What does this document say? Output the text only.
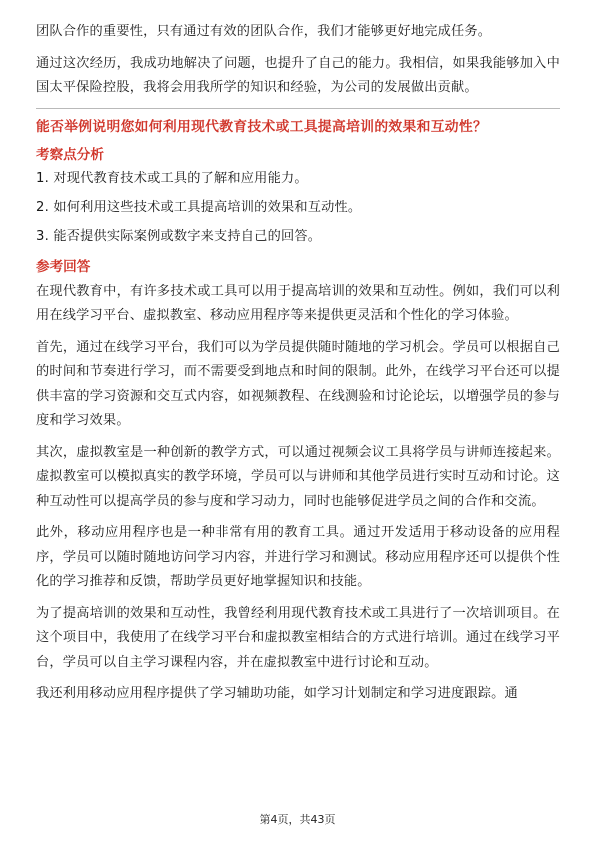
团队合作的重要性，只有通过有效的团队合作，我们才能够更好地完成任务。

通过这次经历，我成功地解决了问题，也提升了自己的能力。我相信，如果我能够加入中国太平保险控股，我将会用我所学的知识和经验，为公司的发展做出贡献。

能否举例说明您如何利用现代教育技术或工具提高培训的效果和互动性？
考察点分析
1. 对现代教育技术或工具的了解和应用能力。
2. 如何利用这些技术或工具提高培训的效果和互动性。
3. 能否提供实际案例或数字来支持自己的回答。
参考回答

在现代教育中，有许多技术或工具可以用于提高培训的效果和互动性。例如，我们可以利用在线学习平台、虚拟教室、移动应用程序等来提供更灵活和个性化的学习体验。

首先，通过在线学习平台，我们可以为学员提供随时随地的学习机会。学员可以根据自己的时间和节奏进行学习，而不需要受到地点和时间的限制。此外，在线学习平台还可以提供丰富的学习资源和交互式内容，如视频教程、在线测验和讨论论坛，以增强学员的参与度和学习效果。

其次，虚拟教室是一种创新的教学方式，可以通过视频会议工具将学员与讲师连接起来。虚拟教室可以模拟真实的教学环境，学员可以与讲师和其他学员进行实时互动和讨论。这种互动性可以提高学员的参与度和学习动力，同时也能够促进学员之间的合作和交流。

此外，移动应用程序也是一种非常有用的教育工具。通过开发适用于移动设备的应用程序，学员可以随时随地访问学习内容，并进行学习和测试。移动应用程序还可以提供个性化的学习推荐和反馈，帮助学员更好地掌握知识和技能。

为了提高培训的效果和互动性，我曾经利用现代教育技术或工具进行了一次培训项目。在这个项目中，我使用了在线学习平台和虚拟教室相结合的方式进行培训。通过在线学习平台，学员可以自主学习课程内容，并在虚拟教室中进行讨论和互动。

我还利用移动应用程序提供了学习辅助功能，如学习计划制定和学习进度跟踪。通

第4页，共43页
